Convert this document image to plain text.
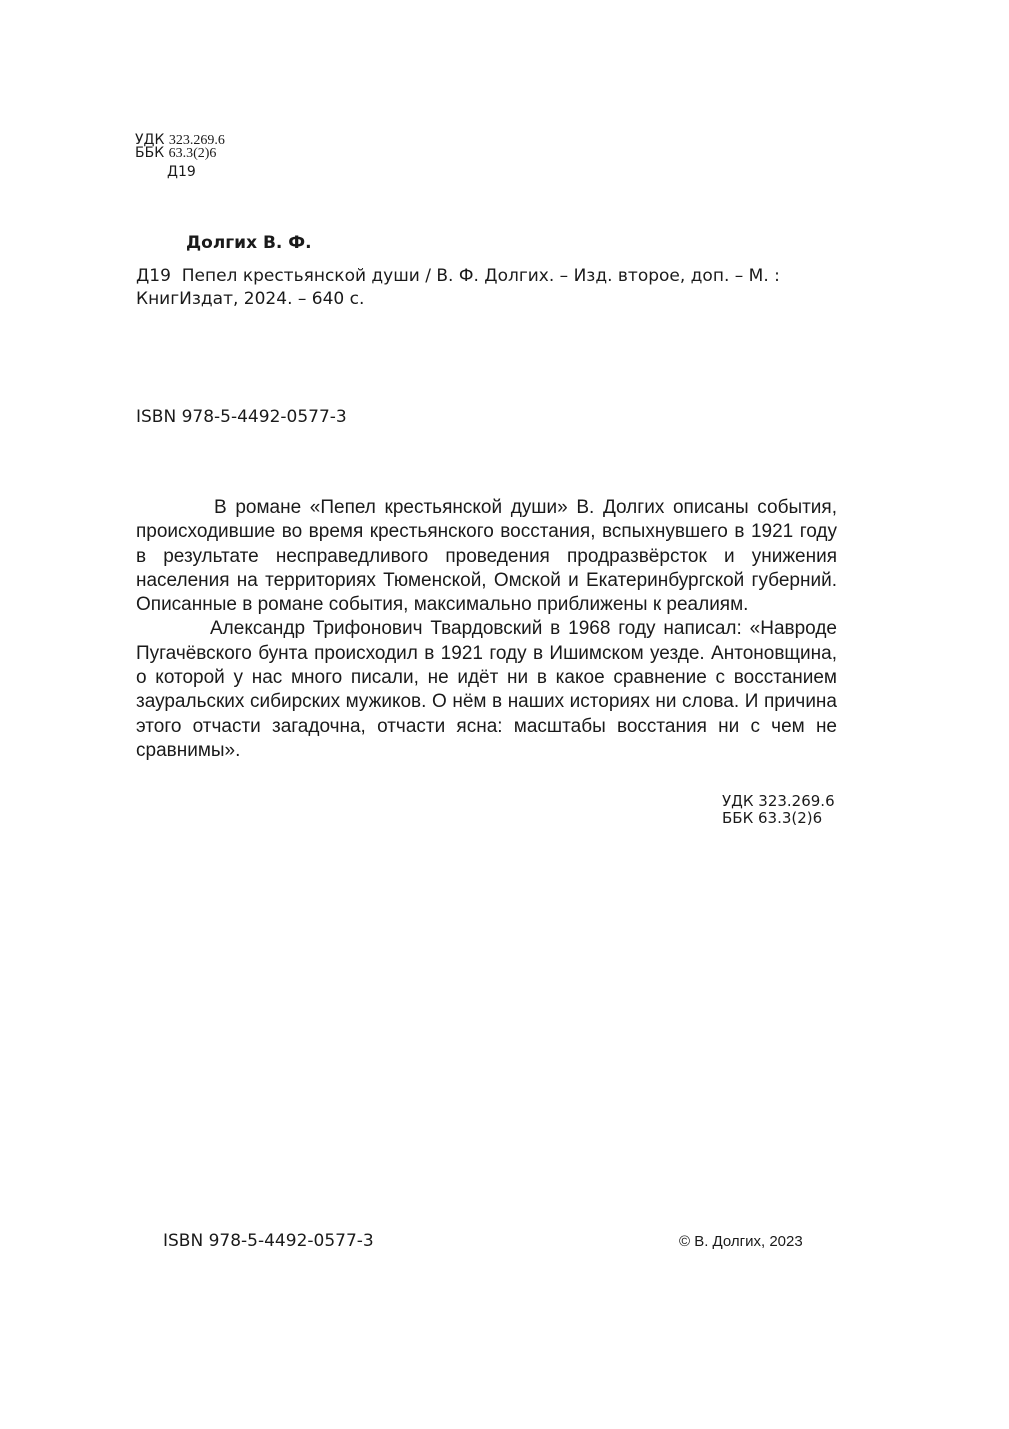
УДК 323.269.6
ББК 63.3(2)6
Д19
Долгих В. Ф.
Д19 Пепел крестьянской души / В. Ф. Долгих. – Изд. второе, доп. – М. : КнигИздат, 2024. – 640 с.
ISBN 978-5-4492-0577-3

В романе «Пепел крестьянской души» В. Долгих описаны события, происходившие во время крестьянского восстания, вспыхнувшего в 1921 году в результате несправедливого проведения продразвёрсток и унижения населения на территориях Тюменской, Омской и Екатеринбургской губерний. Описанные в романе события, максимально приближены к реалиям.

Александр Трифонович Твардовский в 1968 году написал: «Навроде Пугачёвского бунта происходил в 1921 году в Ишимском уезде. Антоновщина, о которой у нас много писали, не идёт ни в какое сравнение с восстанием зауральских сибирских мужиков. О нём в наших историях ни слова. И причина этого отчасти загадочна, отчасти ясна: масштабы восстания ни с чем не сравнимы».

УДК 323.269.6
ББК 63.3(2)6
ISBN 978-5-4492-0577-3	© В. Долгих, 2023
